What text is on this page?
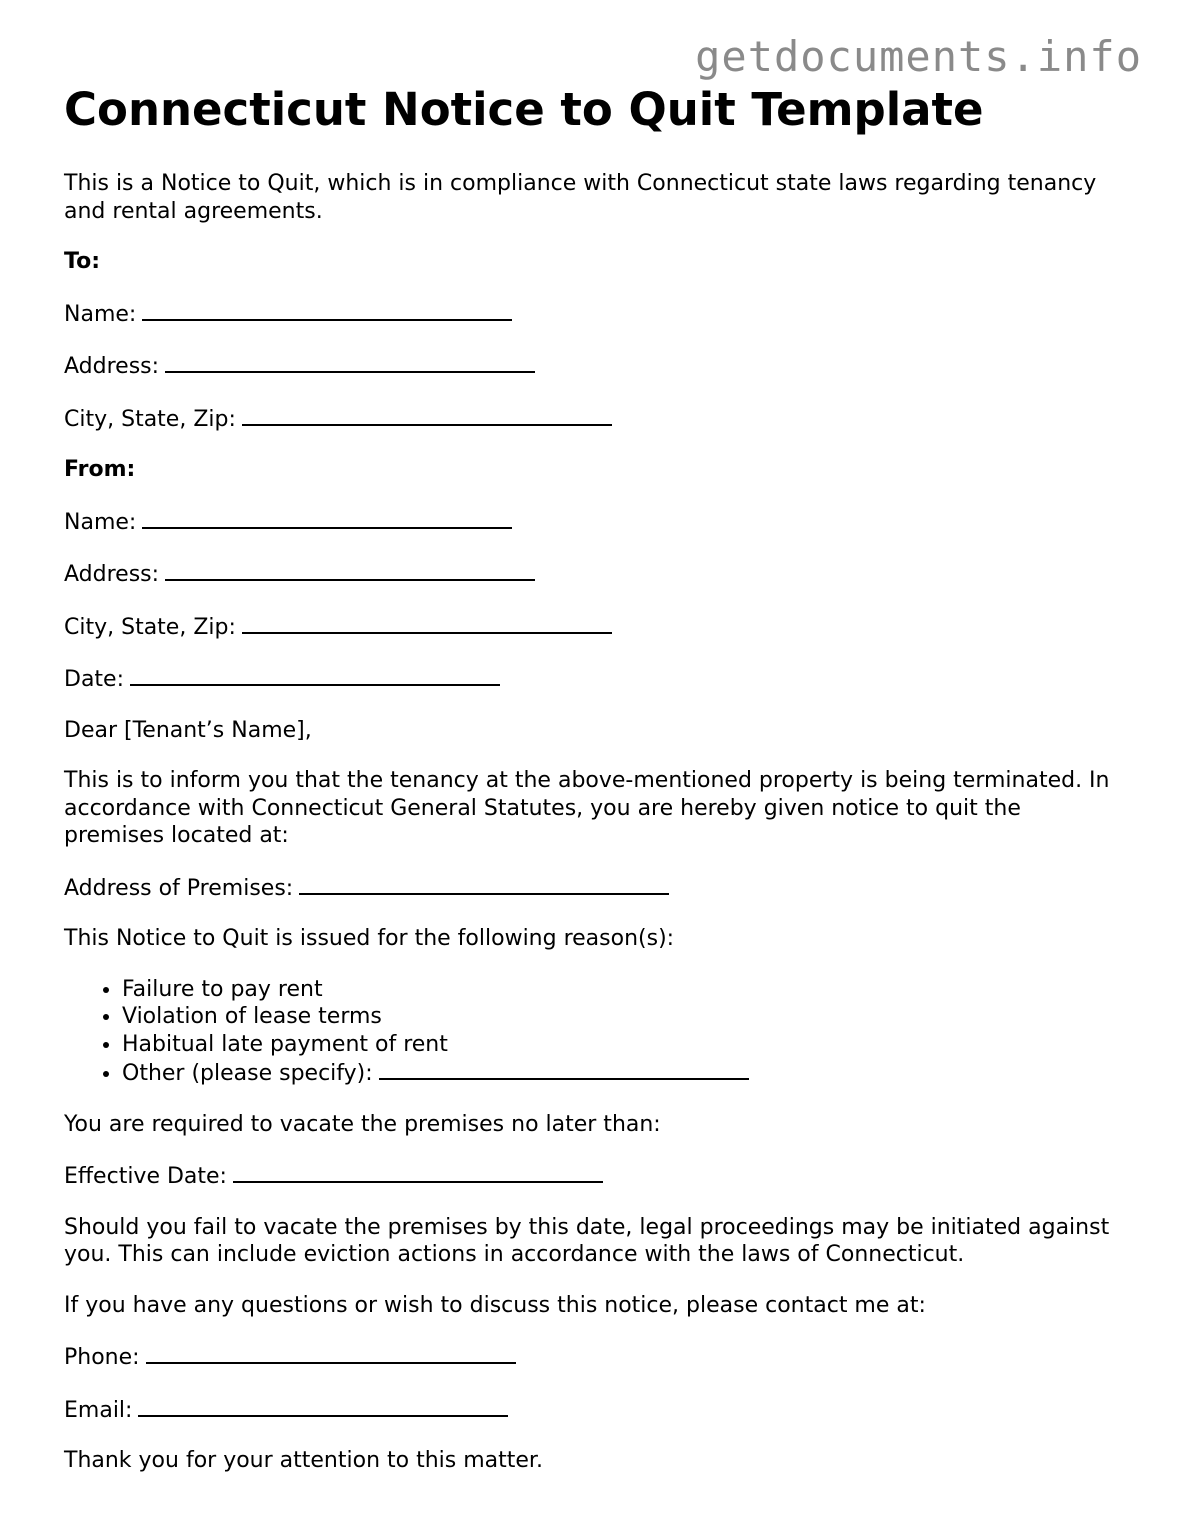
getdocuments.info
Connecticut Notice to Quit Template

This is a Notice to Quit, which is in compliance with Connecticut state laws regarding tenancy and rental agreements.

To:

Name:
Address:
City, State, Zip:

From:

Name:
Address:
City, State, Zip:
Date:

Dear [Tenant’s Name],

This is to inform you that the tenancy at the above-mentioned property is being terminated. In accordance with Connecticut General Statutes, you are hereby given notice to quit the premises located at:

Address of Premises:

This Notice to Quit is issued for the following reason(s):

• Failure to pay rent
• Violation of lease terms
• Habitual late payment of rent
• Other (please specify):

You are required to vacate the premises no later than:

Effective Date:

Should you fail to vacate the premises by this date, legal proceedings may be initiated against you. This can include eviction actions in accordance with the laws of Connecticut.

If you have any questions or wish to discuss this notice, please contact me at:

Phone:
Email:

Thank you for your attention to this matter.
